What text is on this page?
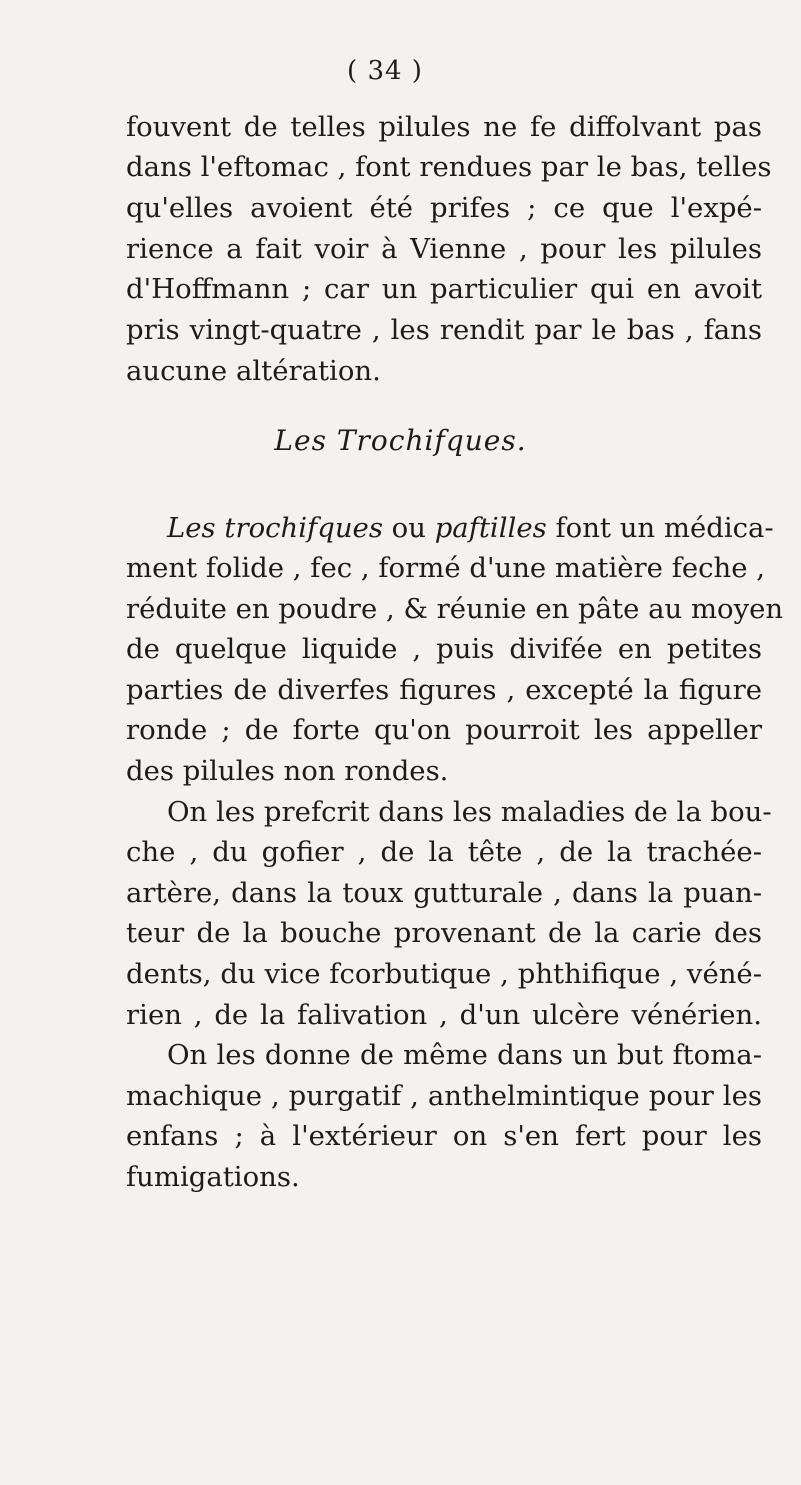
( 34 )
fouvent de telles pilules ne fe diffolvant pas
dans l'eftomac , font rendues par le bas, telles
qu'elles avoient été prifes ; ce que l'expé-
rience a fait voir à Vienne , pour les pilules
d'Hoffmann ; car un particulier qui en avoit
pris vingt-quatre , les rendit par le bas , fans
aucune altération.
Les Trochifques.
Les trochifques ou paftilles font un médica-
ment folide , fec , formé d'une matière feche ,
réduite en poudre , & réunie en pâte au moyen
de quelque liquide , puis divifée en petites
parties de diverfes figures , excepté la figure
ronde ; de forte qu'on pourroit les appeller
des pilules non rondes.
On les prefcrit dans les maladies de la bou-
che , du gofier , de la tête , de la trachée-
artère, dans la toux gutturale , dans la puan-
teur de la bouche provenant de la carie des
dents, du vice fcorbutique , phthifique , véné-
rien , de la falivation , d'un ulcère vénérien.
On les donne de même dans un but ftoma-
machique , purgatif , anthelmintique pour les
enfans ; à l'extérieur on s'en fert pour les
fumigations.
